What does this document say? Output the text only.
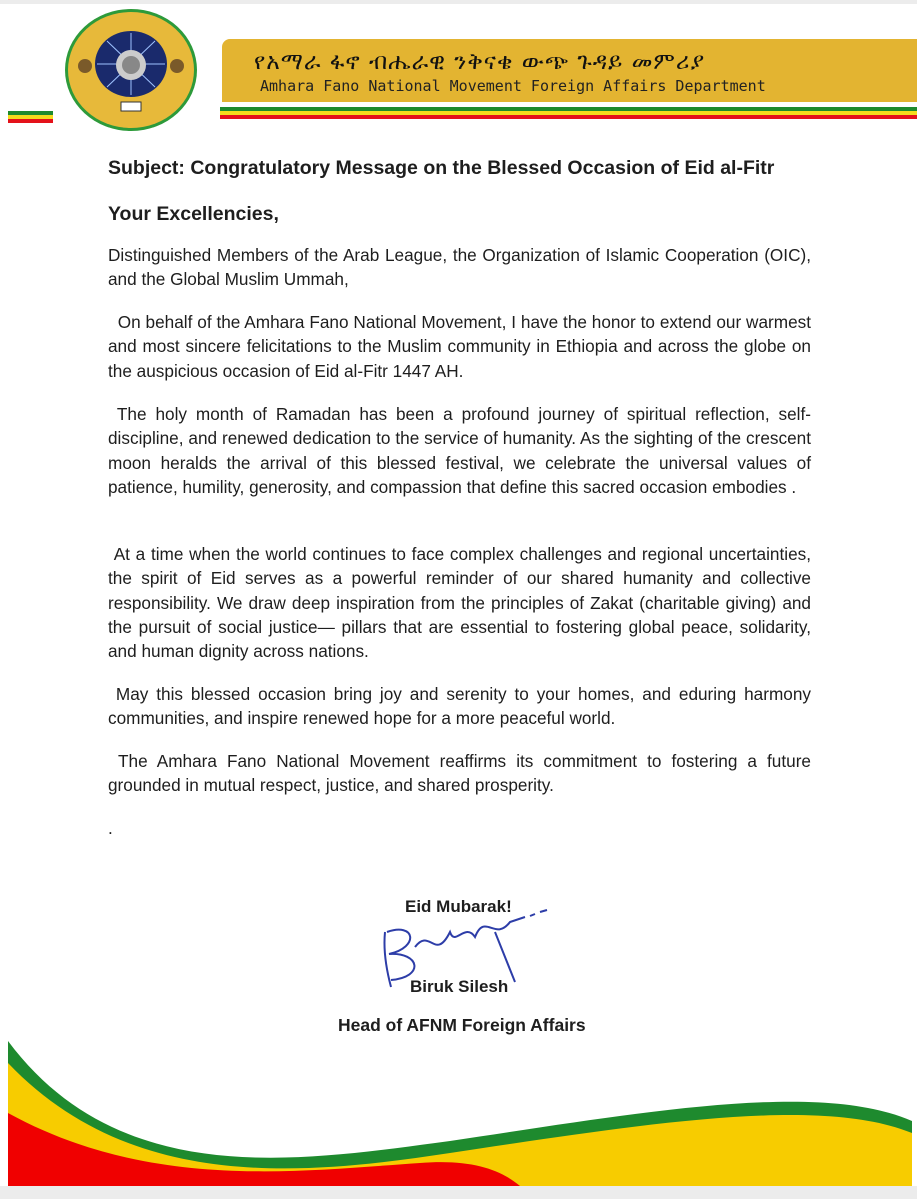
የአማራ ፋኖ ብሔራዊ ንቅናቄ ውጭ ጉዳይ መምሪያ
Amhara Fano National Movement Foreign Affairs Department
Subject: Congratulatory Message on the Blessed Occasion of Eid al-Fitr
Your Excellencies,
Distinguished Members of the Arab League, the Organization of Islamic Cooperation (OIC), and the Global Muslim Ummah,
On behalf of the Amhara Fano National Movement, I have the honor to extend our warmest and most sincere felicitations to the Muslim community in Ethiopia and across the globe on the auspicious occasion of Eid al-Fitr 1447 AH.
The holy month of Ramadan has been a profound journey of spiritual reflection, self-discipline, and renewed dedication to the service of humanity. As the sighting of the crescent moon heralds the arrival of this blessed festival, we celebrate the universal values of patience, humility, generosity, and compassion that define this sacred occasion embodies .
At a time when the world continues to face complex challenges and regional uncertainties, the spirit of Eid serves as a powerful reminder of our shared humanity and collective responsibility. We draw deep inspiration from the principles of Zakat (charitable giving) and the pursuit of social justice— pillars that are essential to fostering global peace, solidarity, and human dignity across nations.
May this blessed occasion bring joy and serenity to your homes, and eduring harmony communities, and inspire renewed hope for a more peaceful world.
The Amhara Fano National Movement reaffirms its commitment to fostering a future grounded in mutual respect, justice, and shared prosperity.
.
Eid Mubarak!
Biruk Silesh
Head of AFNM Foreign Affairs
